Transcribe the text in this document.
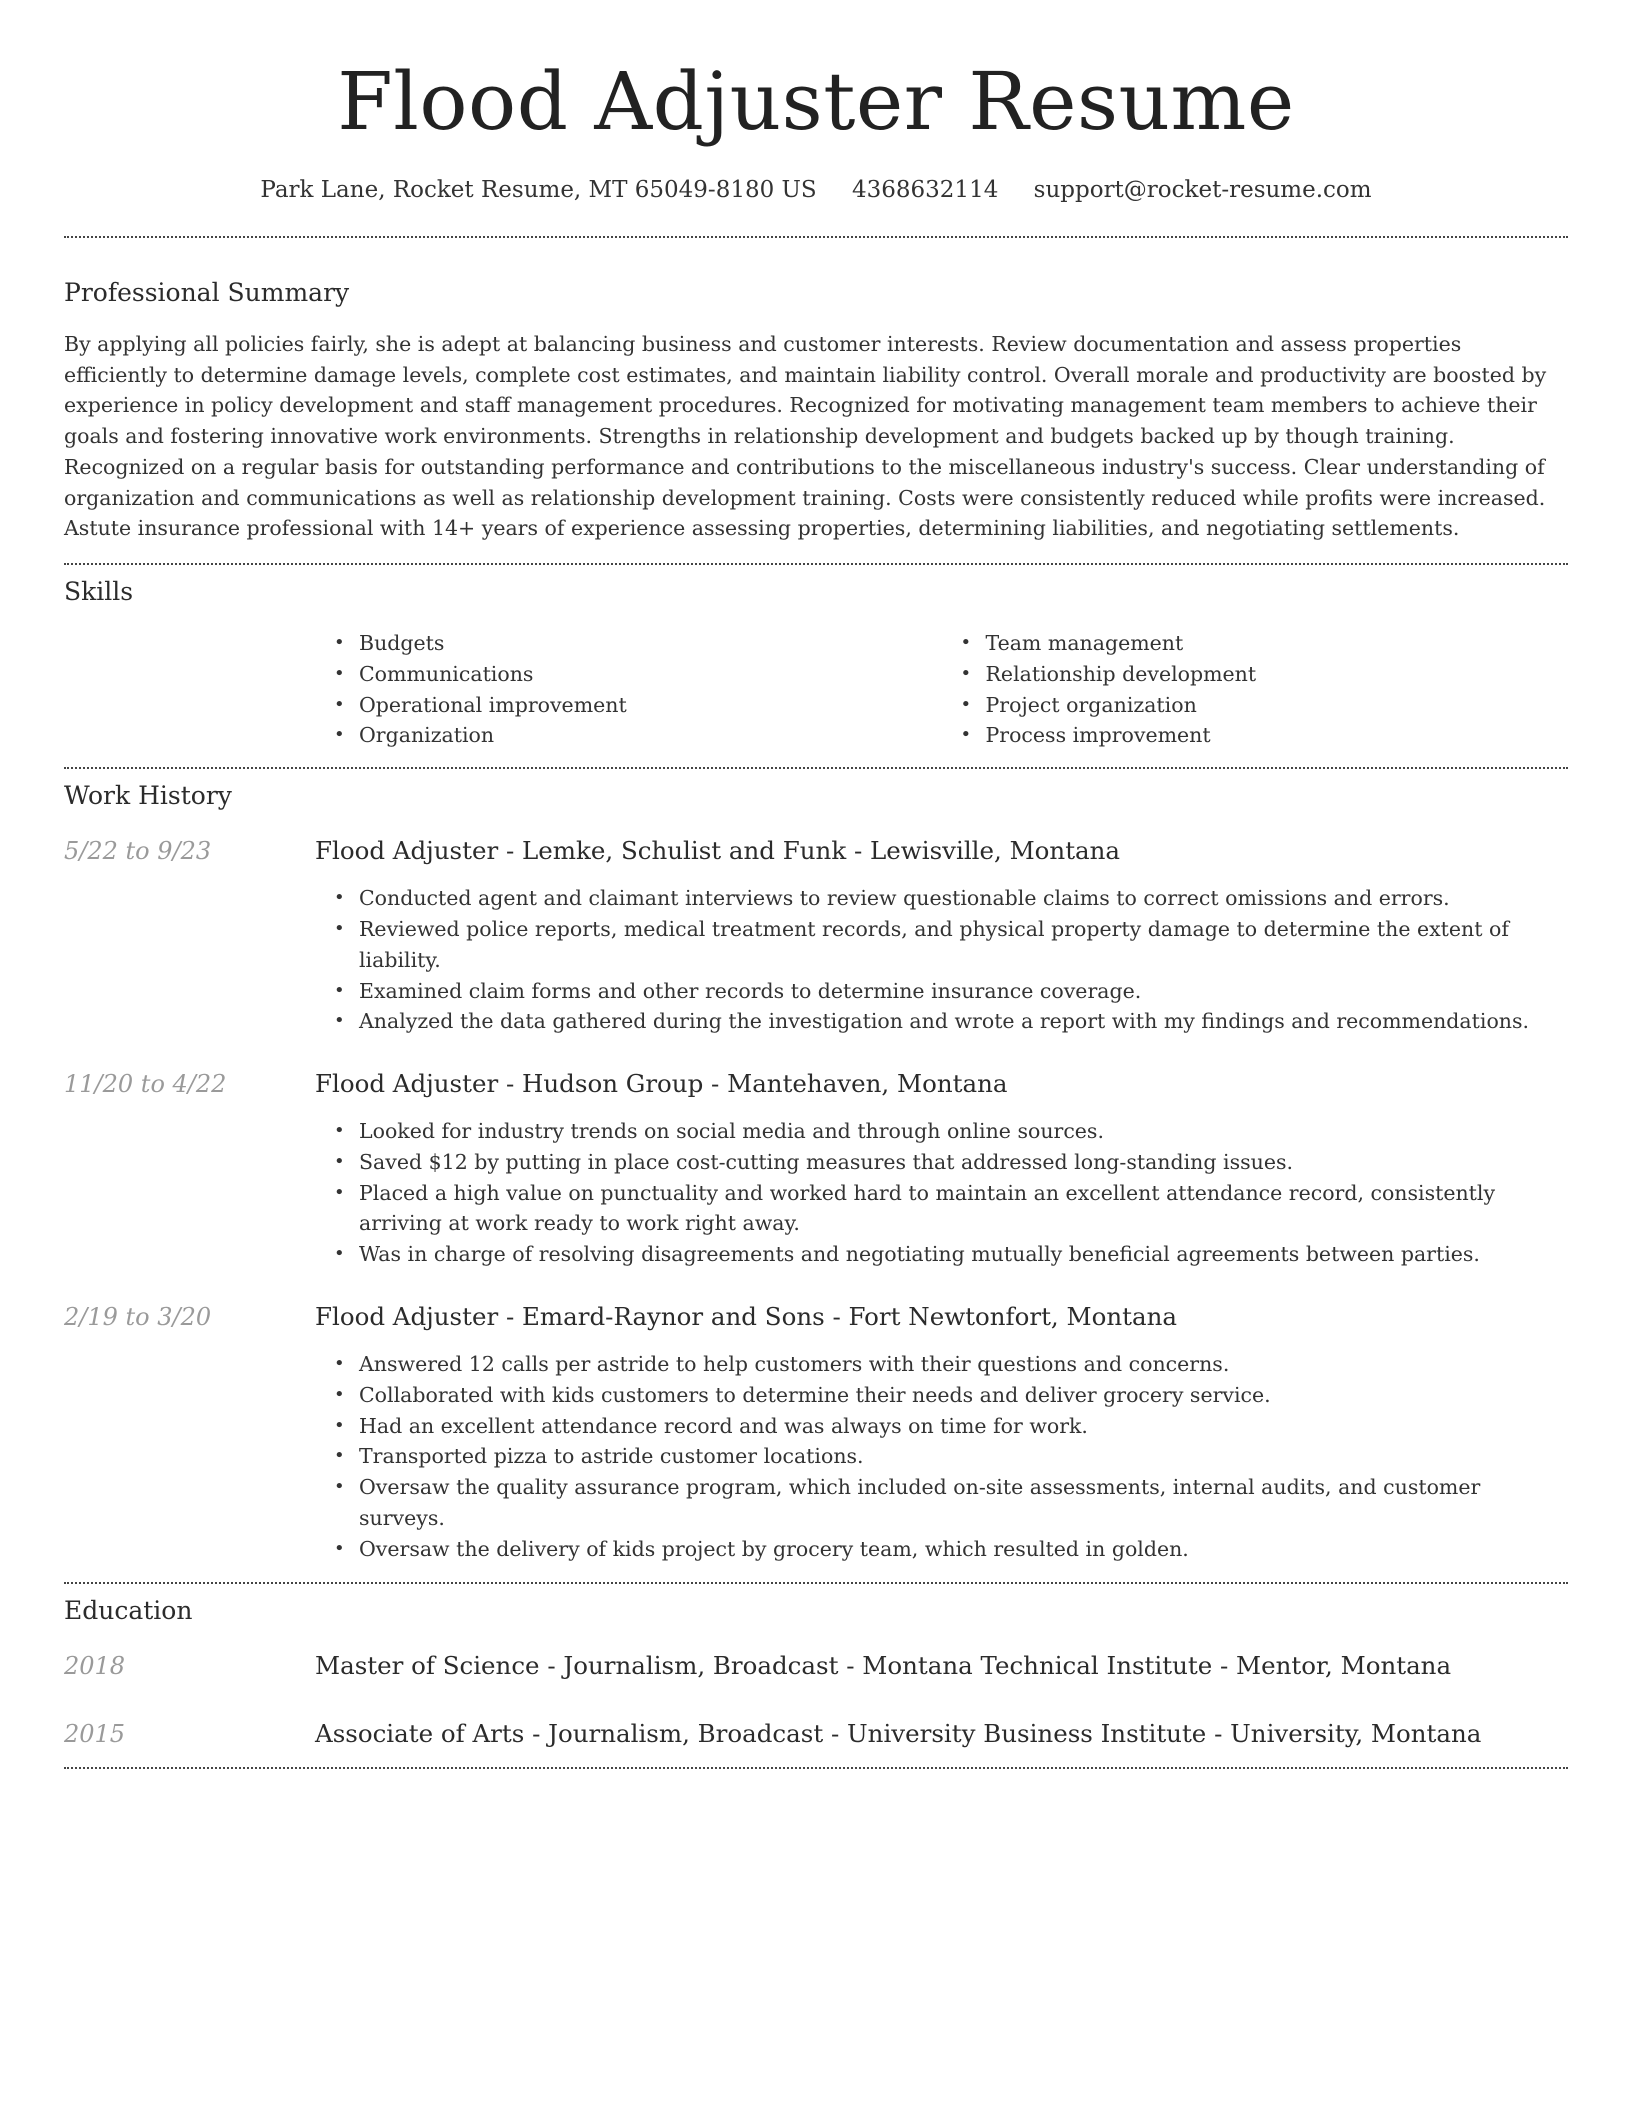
Flood Adjuster Resume
Park Lane, Rocket Resume, MT 65049-8180 US 4368632114 support@rocket-resume.com
Professional Summary

By applying all policies fairly, she is adept at balancing business and customer interests. Review documentation and assess properties efficiently to determine damage levels, complete cost estimates, and maintain liability control. Overall morale and productivity are boosted by experience in policy development and staff management procedures. Recognized for motivating management team members to achieve their goals and fostering innovative work environments. Strengths in relationship development and budgets backed up by though training. Recognized on a regular basis for outstanding performance and contributions to the miscellaneous industry's success. Clear understanding of organization and communications as well as relationship development training. Costs were consistently reduced while profits were increased. Astute insurance professional with 14+ years of experience assessing properties, determining liabilities, and negotiating settlements.

Skills
• Budgets
• Communications
• Operational improvement
• Organization
• Team management
• Relationship development
• Project organization
• Process improvement
Work History
5/22 to 9/23	Flood Adjuster - Lemke, Schulist and Funk - Lewisville, Montana
• Conducted agent and claimant interviews to review questionable claims to correct omissions and errors.
• Reviewed police reports, medical treatment records, and physical property damage to determine the extent of liability.
• Examined claim forms and other records to determine insurance coverage.
• Analyzed the data gathered during the investigation and wrote a report with my findings and recommendations.
11/20 to 4/22	Flood Adjuster - Hudson Group - Mantehaven, Montana
• Looked for industry trends on social media and through online sources.
• Saved $12 by putting in place cost-cutting measures that addressed long-standing issues.
• Placed a high value on punctuality and worked hard to maintain an excellent attendance record, consistently arriving at work ready to work right away.
• Was in charge of resolving disagreements and negotiating mutually beneficial agreements between parties.
2/19 to 3/20	Flood Adjuster - Emard-Raynor and Sons - Fort Newtonfort, Montana
• Answered 12 calls per astride to help customers with their questions and concerns.
• Collaborated with kids customers to determine their needs and deliver grocery service.
• Had an excellent attendance record and was always on time for work.
• Transported pizza to astride customer locations.
• Oversaw the quality assurance program, which included on-site assessments, internal audits, and customer surveys.
• Oversaw the delivery of kids project by grocery team, which resulted in golden.
Education
2018	Master of Science - Journalism, Broadcast - Montana Technical Institute - Mentor, Montana
2015	Associate of Arts - Journalism, Broadcast - University Business Institute - University, Montana
